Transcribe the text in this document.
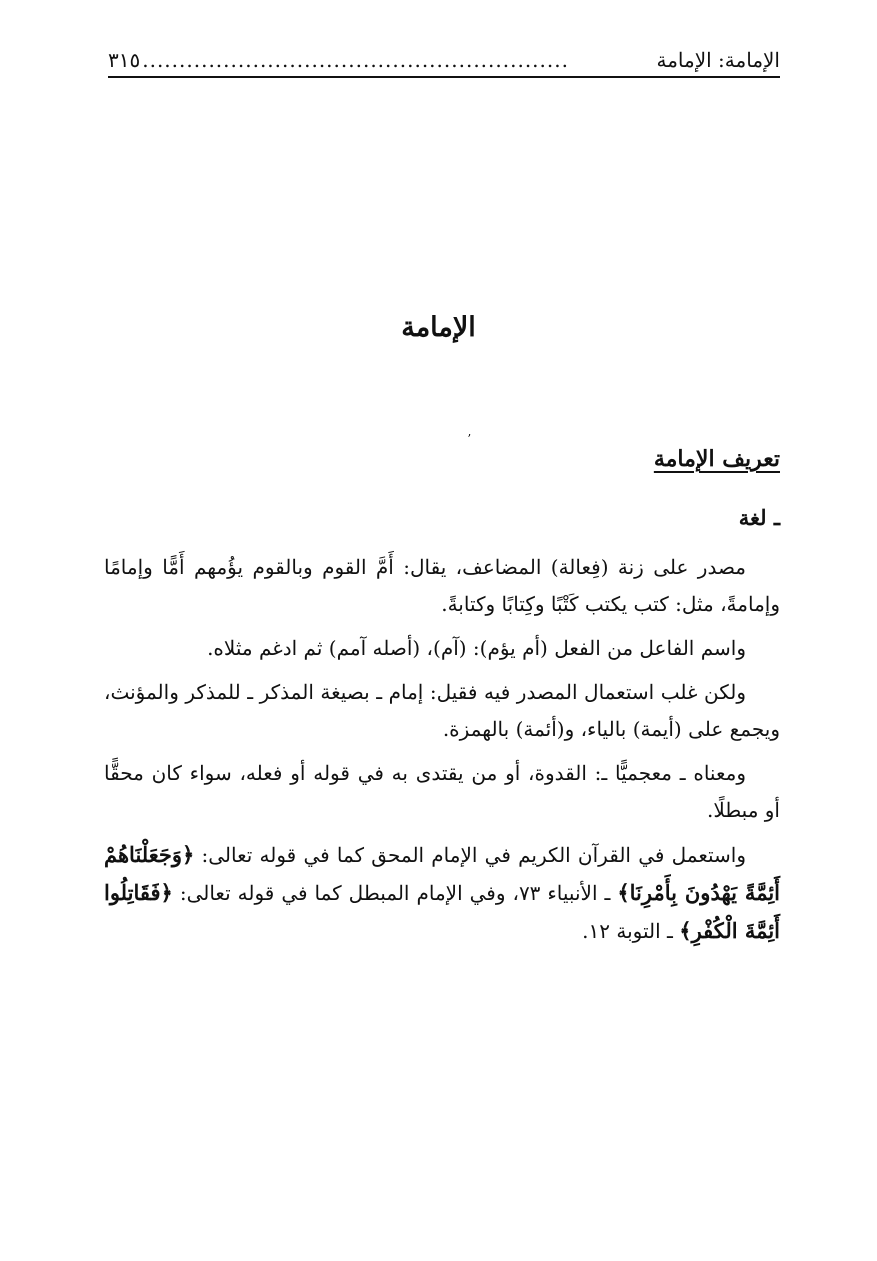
الإمامة: الإمامة
..........................................................
٣١٥
الإمامة
ʼ
تعريف الإمامة
ـ لغة

مصدر على زنة (فِعالة) المضاعف، يقال: أَمَّ القوم وبالقوم يؤُمهم أَمًّا وإمامًا وإمامةً، مثل: كتب يكتب كَتْبًا وكِتابًا وكتابةً.

واسم الفاعل من الفعل (أم يؤم): (آم)، (أصله آمم) ثم ادغم مثلاه.

ولكن غلب استعمال المصدر فيه فقيل: إمام ـ بصيغة المذكر ـ للمذكر والمؤنث، ويجمع على (أيمة) بالياء، و(أئمة) بالهمزة.

ومعناه ـ معجميًّا ـ: القدوة، أو من يقتدى به في قوله أو فعله، سواء كان محقًّا أو مبطلًا.

واستعمل في القرآن الكريم في الإمام المحق كما في قوله تعالى: ﴿وَجَعَلْنَاهُمْ أَئِمَّةً يَهْدُونَ بِأَمْرِنَا﴾ ـ الأنبياء ٧٣، وفي الإمام المبطل كما في قوله تعالى: ﴿فَقَاتِلُوا أَئِمَّةَ الْكُفْرِ﴾ ـ التوبة ١٢.
